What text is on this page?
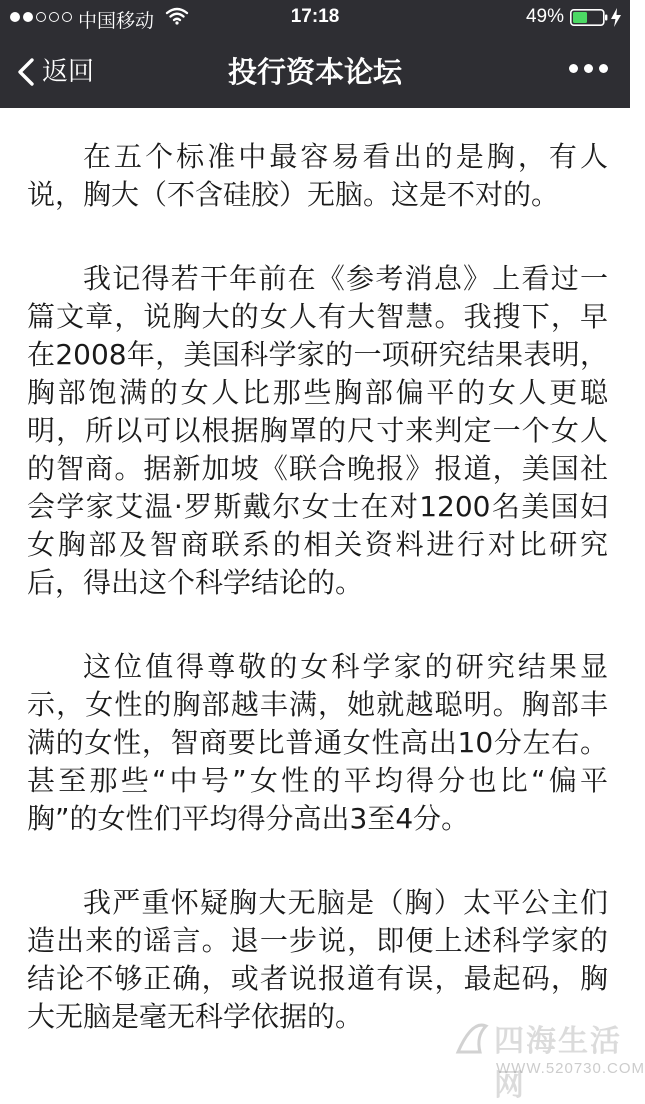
中国移动	17:18	49%
返回	投行资本论坛

在五个标准中最容易看出的是胸，有人说，胸大（不含硅胶）无脑。这是不对的。

我记得若干年前在《参考消息》上看过一篇文章，说胸大的女人有大智慧。我搜下，早在2008年，美国科学家的一项研究结果表明，胸部饱满的女人比那些胸部偏平的女人更聪明，所以可以根据胸罩的尺寸来判定一个女人的智商。据新加坡《联合晚报》报道，美国社会学家艾温·罗斯戴尔女士在对1200名美国妇女胸部及智商联系的相关资料进行对比研究后，得出这个科学结论的。

这位值得尊敬的女科学家的研究结果显示，女性的胸部越丰满，她就越聪明。胸部丰满的女性，智商要比普通女性高出10分左右。甚至那些“中号”女性的平均得分也比“偏平胸”的女性们平均得分高出3至4分。

我严重怀疑胸大无脑是（胸）太平公主们造出来的谣言。退一步说，即便上述科学家的结论不够正确，或者说报道有误，最起码，胸大无脑是毫无科学依据的。

四海生活网
WWW.520730.COM
